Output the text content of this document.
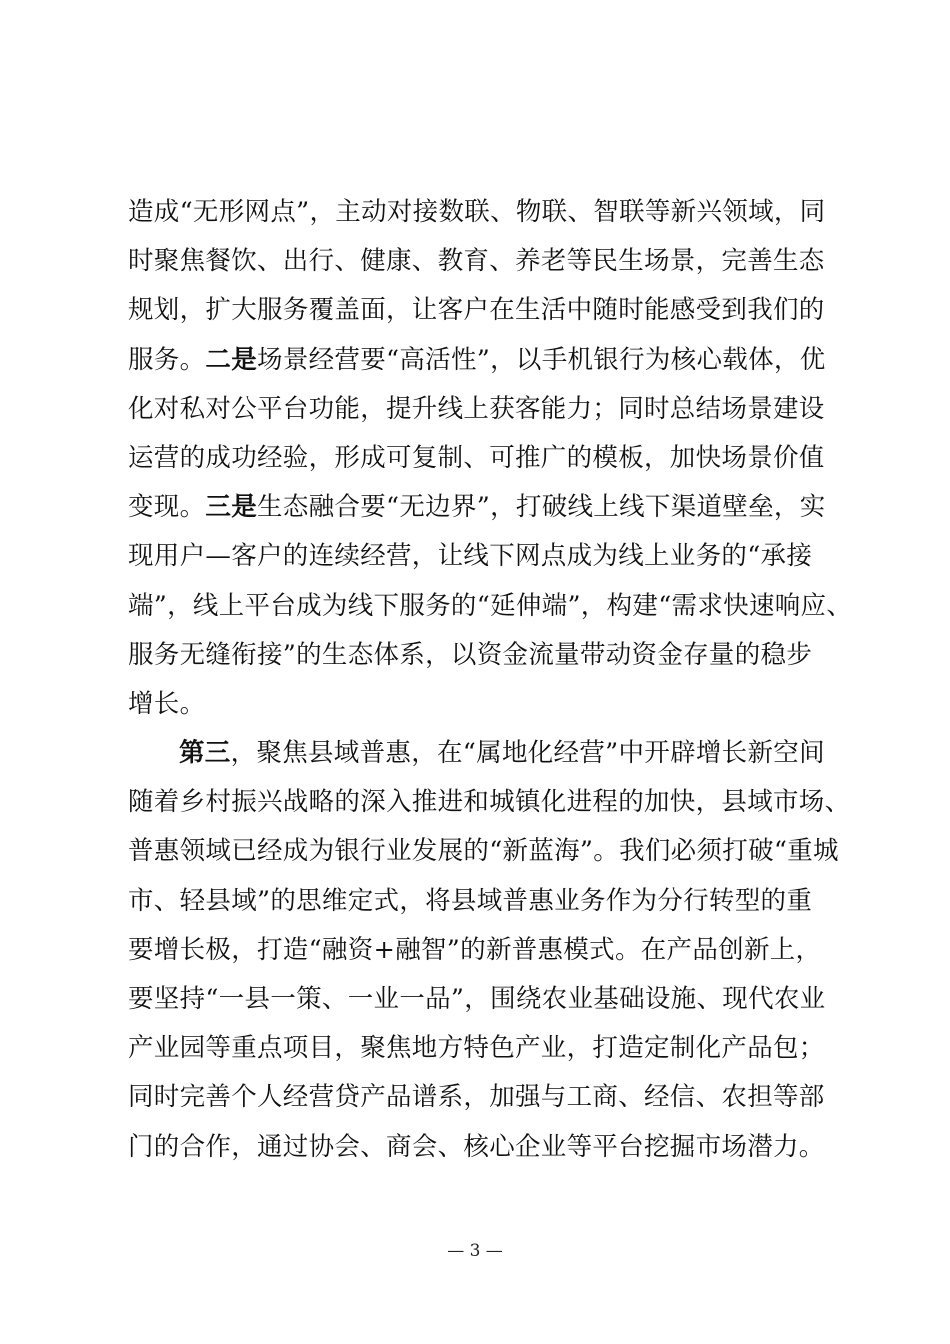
造成“无形网点”，主动对接数联、物联、智联等新兴领域，同
时聚焦餐饮、出行、健康、教育、养老等民生场景，完善生态
规划，扩大服务覆盖面，让客户在生活中随时能感受到我们的
服务。二是场景经营要“高活性”，以手机银行为核心载体，优
化对私对公平台功能，提升线上获客能力；同时总结场景建设
运营的成功经验，形成可复制、可推广的模板，加快场景价值
变现。三是生态融合要“无边界”，打破线上线下渠道壁垒，实
现用户—客户的连续经营，让线下网点成为线上业务的“承接
端”，线上平台成为线下服务的“延伸端”，构建“需求快速响应、
服务无缝衔接”的生态体系，以资金流量带动资金存量的稳步
增长。
第三，聚焦县域普惠，在“属地化经营”中开辟增长新空间
随着乡村振兴战略的深入推进和城镇化进程的加快，县域市场、
普惠领域已经成为银行业发展的“新蓝海”。我们必须打破“重城
市、轻县域”的思维定式，将县域普惠业务作为分行转型的重
要增长极，打造“融资+融智”的新普惠模式。在产品创新上，
要坚持“一县一策、一业一品”，围绕农业基础设施、现代农业
产业园等重点项目，聚焦地方特色产业，打造定制化产品包；
同时完善个人经营贷产品谱系，加强与工商、经信、农担等部
门的合作，通过协会、商会、核心企业等平台挖掘市场潜力。
— 3 —
